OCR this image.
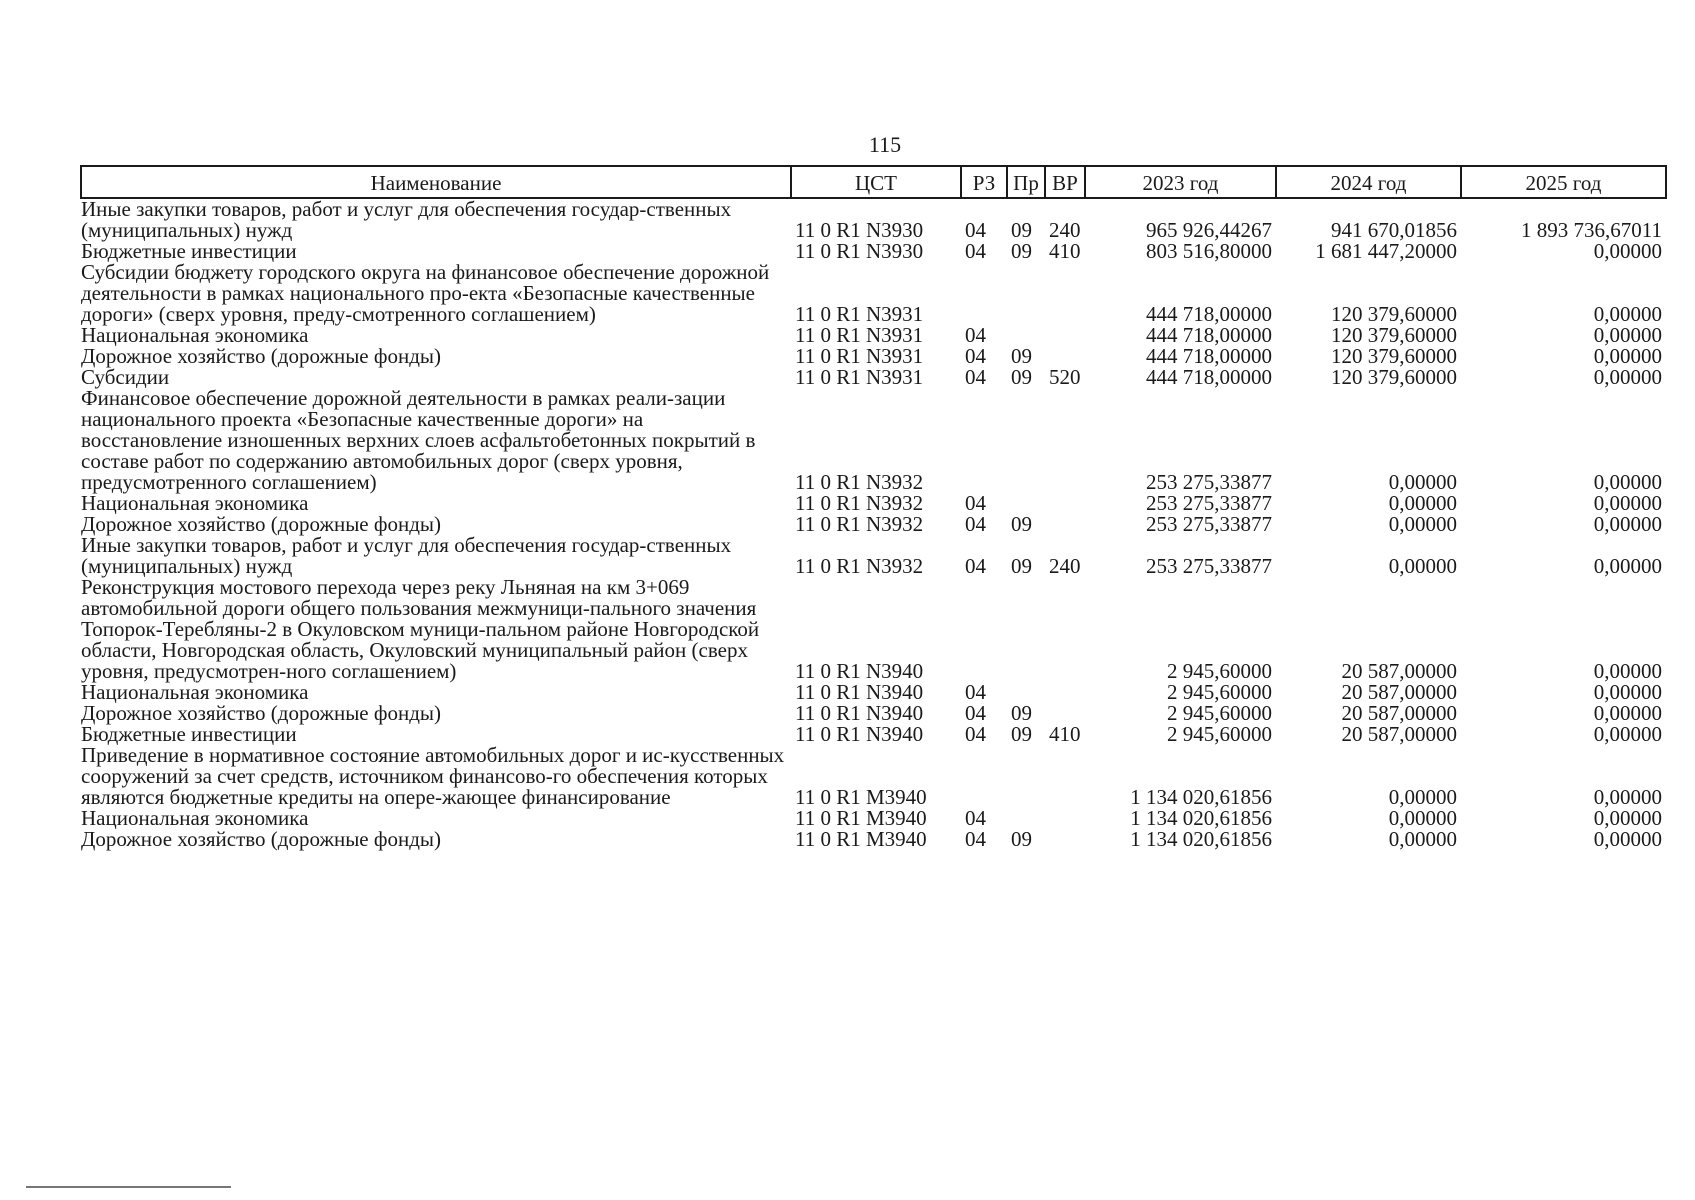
115
Наименование	ЦСТ	РЗ	Пр	ВР	2023 год	2024 год	2025 год
Иные закупки товаров, работ и услуг для обеспечения государ-ственных (муниципальных) нужд	11 0 R1 N3930	04	09	240	965 926,44267	941 670,01856	1 893 736,67011
Бюджетные инвестиции	11 0 R1 N3930	04	09	410	803 516,80000	1 681 447,20000	0,00000
Субсидии бюджету городского округа на финансовое обеспечение дорожной деятельности в рамках национального про-екта «Безопасные качественные дороги» (сверх уровня, преду-смотренного соглашением)	11 0 R1 N3931				444 718,00000	120 379,60000	0,00000
Национальная экономика	11 0 R1 N3931	04			444 718,00000	120 379,60000	0,00000
Дорожное хозяйство (дорожные фонды)	11 0 R1 N3931	04	09		444 718,00000	120 379,60000	0,00000
Субсидии	11 0 R1 N3931	04	09	520	444 718,00000	120 379,60000	0,00000
Финансовое обеспечение дорожной деятельности в рамках реали-зации национального проекта «Безопасные качественные дороги» на восстановление изношенных верхних слоев асфальтобетонных покрытий в составе работ по содержанию автомобильных дорог (сверх уровня, предусмотренного соглашением)	11 0 R1 N3932				253 275,33877	0,00000	0,00000
Национальная экономика	11 0 R1 N3932	04			253 275,33877	0,00000	0,00000
Дорожное хозяйство (дорожные фонды)	11 0 R1 N3932	04	09		253 275,33877	0,00000	0,00000
Иные закупки товаров, работ и услуг для обеспечения государ-ственных (муниципальных) нужд	11 0 R1 N3932	04	09	240	253 275,33877	0,00000	0,00000
Реконструкция мостового перехода через реку Льняная на км 3+069 автомобильной дороги общего пользования межмуници-пального значения Топорок-Теребляны-2 в Окуловском муници-пальном районе Новгородской области, Новгородская область, Окуловский муниципальный район (сверх уровня, предусмотрен-ного соглашением)	11 0 R1 N3940				2 945,60000	20 587,00000	0,00000
Национальная экономика	11 0 R1 N3940	04			2 945,60000	20 587,00000	0,00000
Дорожное хозяйство (дорожные фонды)	11 0 R1 N3940	04	09		2 945,60000	20 587,00000	0,00000
Бюджетные инвестиции	11 0 R1 N3940	04	09	410	2 945,60000	20 587,00000	0,00000
Приведение в нормативное состояние автомобильных дорог и ис-кусственных сооружений за счет средств, источником финансово-го обеспечения которых являются бюджетные кредиты на опере-жающее финансирование	11 0 R1 M3940				1 134 020,61856	0,00000	0,00000
Национальная экономика	11 0 R1 M3940	04			1 134 020,61856	0,00000	0,00000
Дорожное хозяйство (дорожные фонды)	11 0 R1 M3940	04	09		1 134 020,61856	0,00000	0,00000
